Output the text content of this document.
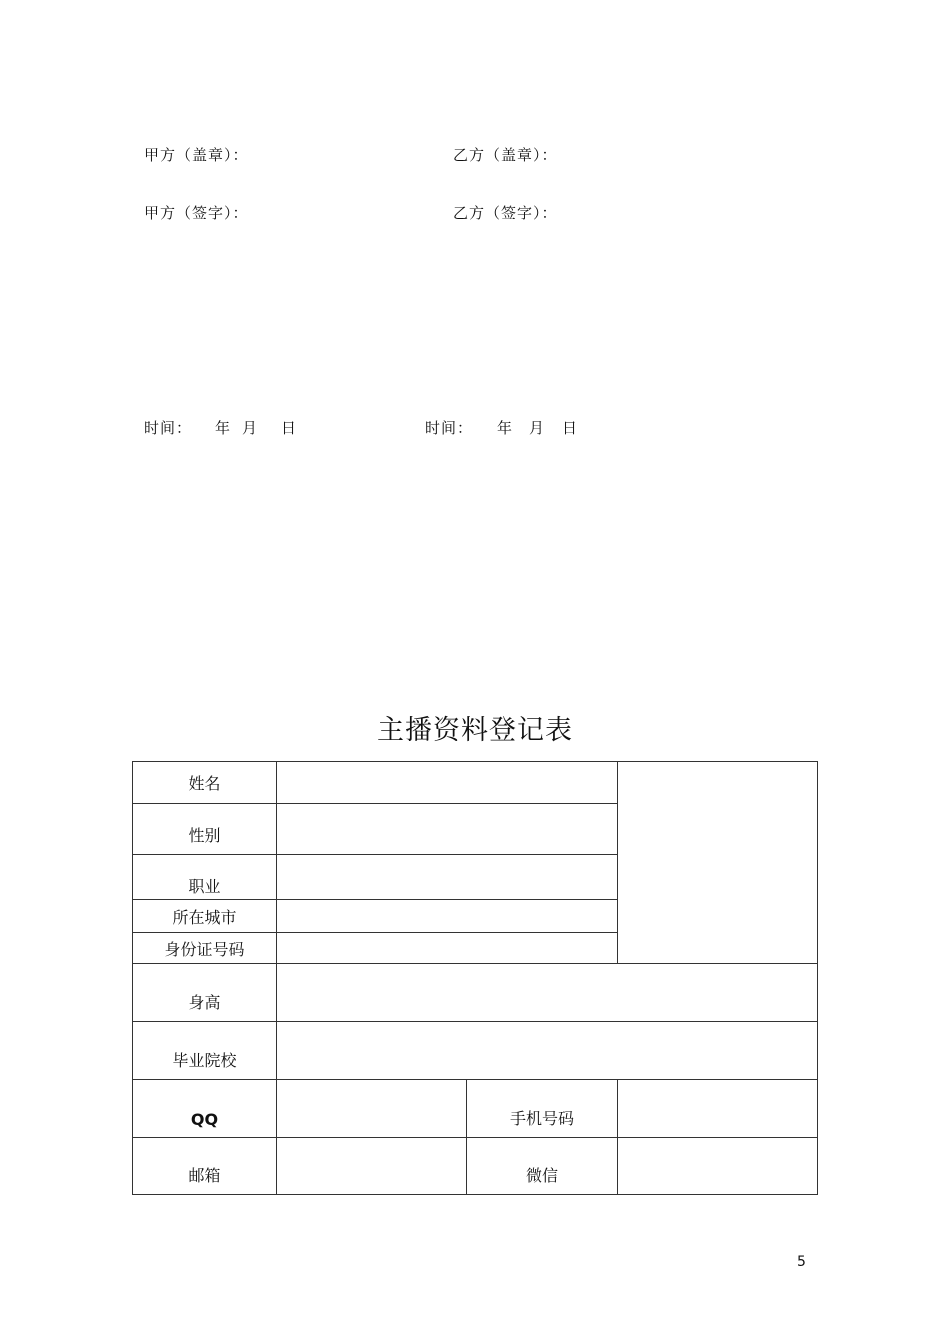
甲方（盖章）：	乙方（盖章）：
甲方（签字）：	乙方（签字）：
时间： 年 月 日	时间： 年 月 日
主播资料登记表
姓名			
性别			
职业			
所在城市			
身份证号码			
身高			
毕业院校			
QQ		手机号码	
邮箱		微信	
5
